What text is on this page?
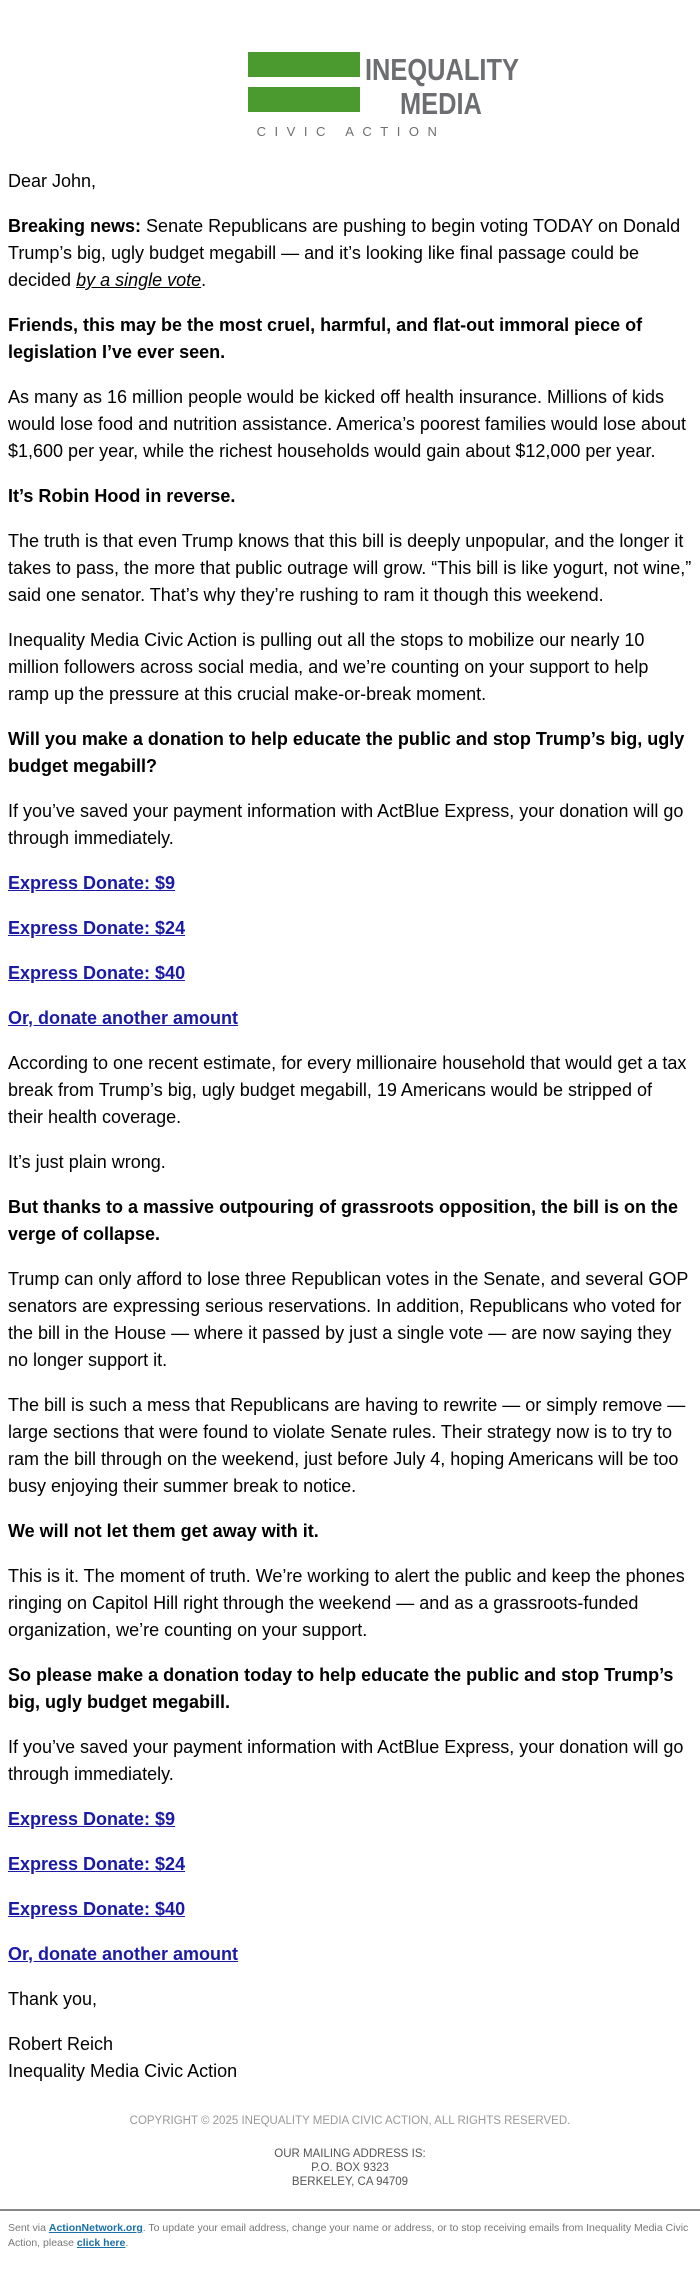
INEQUALITY
MEDIA
CIVIC ACTION

Dear John,

Breaking news: Senate Republicans are pushing to begin voting TODAY on Donald Trump’s big, ugly budget megabill — and it’s looking like final passage could be decided by a single vote.

Friends, this may be the most cruel, harmful, and flat-out immoral piece of legislation I’ve ever seen.

As many as 16 million people would be kicked off health insurance. Millions of kids would lose food and nutrition assistance. America’s poorest families would lose about $1,600 per year, while the richest households would gain about $12,000 per year.

It’s Robin Hood in reverse.

The truth is that even Trump knows that this bill is deeply unpopular, and the longer it takes to pass, the more that public outrage will grow. “This bill is like yogurt, not wine,” said one senator. That’s why they’re rushing to ram it though this weekend.

Inequality Media Civic Action is pulling out all the stops to mobilize our nearly 10 million followers across social media, and we’re counting on your support to help ramp up the pressure at this crucial make-or-break moment.

Will you make a donation to help educate the public and stop Trump’s big, ugly budget megabill?

If you’ve saved your payment information with ActBlue Express, your donation will go through immediately.

Express Donate: $9

Express Donate: $24

Express Donate: $40

Or, donate another amount

According to one recent estimate, for every millionaire household that would get a tax break from Trump’s big, ugly budget megabill, 19 Americans would be stripped of their health coverage.

It’s just plain wrong.

But thanks to a massive outpouring of grassroots opposition, the bill is on the verge of collapse.

Trump can only afford to lose three Republican votes in the Senate, and several GOP senators are expressing serious reservations. In addition, Republicans who voted for the bill in the House — where it passed by just a single vote — are now saying they no longer support it.

The bill is such a mess that Republicans are having to rewrite — or simply remove — large sections that were found to violate Senate rules. Their strategy now is to try to ram the bill through on the weekend, just before July 4, hoping Americans will be too busy enjoying their summer break to notice.

We will not let them get away with it.

This is it. The moment of truth. We’re working to alert the public and keep the phones ringing on Capitol Hill right through the weekend — and as a grassroots-funded organization, we’re counting on your support.

So please make a donation today to help educate the public and stop Trump’s big, ugly budget megabill.

If you’ve saved your payment information with ActBlue Express, your donation will go through immediately.

Express Donate: $9

Express Donate: $24

Express Donate: $40

Or, donate another amount

Thank you,

Robert Reich
Inequality Media Civic Action

COPYRIGHT © 2025 INEQUALITY MEDIA CIVIC ACTION, ALL RIGHTS RESERVED.
OUR MAILING ADDRESS IS:
P.O. BOX 9323
BERKELEY, CA 94709
Sent via ActionNetwork.org. To update your email address, change your name or address, or to stop receiving emails from Inequality Media Civic Action, please click here.
